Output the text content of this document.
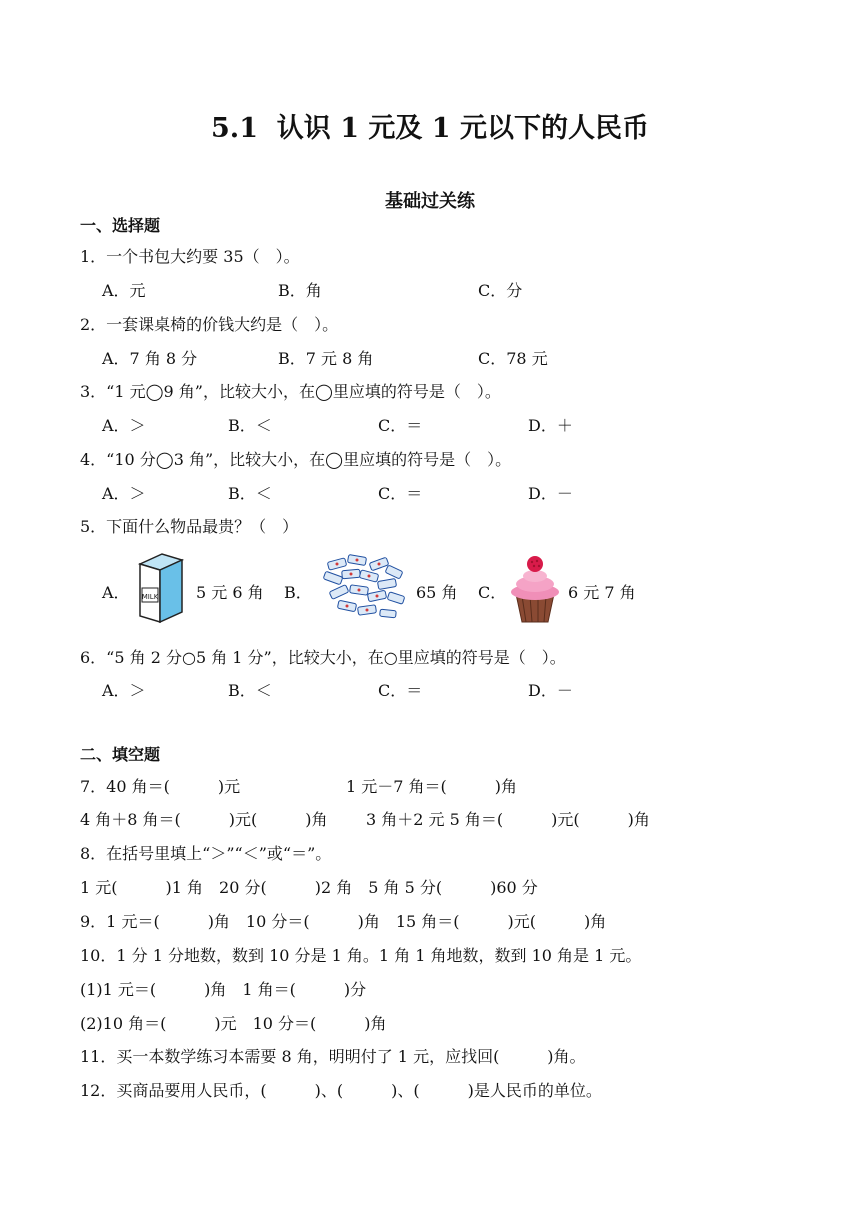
5.1  认识 1 元及 1 元以下的人民币
基础过关练
一、选择题
1．一个书包大约要 35（　）。
A．元	B．角	C．分
2．一套课桌椅的价钱大约是（　）。
A．7 角 8 分	B．7 元 8 角	C．78 元
3．“1 元◯9 角”，比较大小，在◯里应填的符号是（　）。
A．＞	B．＜	C．＝	D．＋
4．“10 分◯3 角”，比较大小，在◯里应填的符号是（　）。
A．＞	B．＜	C．＝	D．－
5．下面什么物品最贵？（　）
A． MILK 5 元 6 角 B．	65 角 C．	6 元 7 角
6．“5 角 2 分○5 角 1 分”，比较大小，在○里应填的符号是（　）。
A．＞	B．＜	C．＝	D．－
二、填空题
7．40 角＝(　　　)元	1 元－7 角＝(　　　)角
4 角＋8 角＝(　　　)元(　　　)角 3 角＋2 元 5 角＝(　　　)元(　　　)角
8．在括号里填上“＞”“＜”或“＝”。
1 元(　　　)1 角　20 分(　　　)2 角　5 角 5 分(　　　)60 分
9．1 元＝(　　　)角　10 分＝(　　　)角　15 角＝(　　　)元(　　　)角
10．1 分 1 分地数，数到 10 分是 1 角。1 角 1 角地数，数到 10 角是 1 元。
(1)1 元＝(　　　)角　1 角＝(　　　)分
(2)10 角＝(　　　)元　10 分＝(　　　)角
11．买一本数学练习本需要 8 角，明明付了 1 元，应找回(　　　)角。
12．买商品要用人民币，(　　　)、(　　　)、(　　　)是人民币的单位。
